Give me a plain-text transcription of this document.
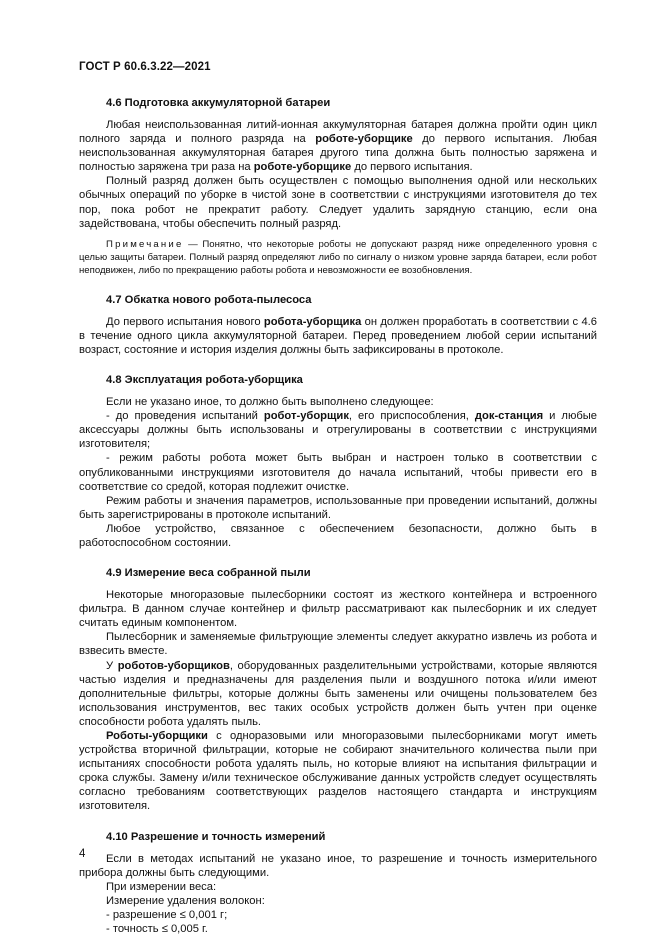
ГОСТ Р 60.6.3.22—2021
4.6 Подготовка аккумуляторной батареи

Любая неиспользованная литий-ионная аккумуляторная батарея должна пройти один цикл полного заряда и полного разряда на роботе-уборщике до первого испытания. Любая неиспользованная аккумуляторная батарея другого типа должна быть полностью заряжена и полностью заряжена три раза на роботе-уборщике до первого испытания.

Полный разряд должен быть осуществлен с помощью выполнения одной или нескольких обычных операций по уборке в чистой зоне в соответствии с инструкциями изготовителя до тех пор, пока робот не прекратит работу. Следует удалить зарядную станцию, если она задействована, чтобы обеспечить полный разряд.

Примечание — Понятно, что некоторые роботы не допускают разряд ниже определенного уровня с целью защиты батареи. Полный разряд определяют либо по сигналу о низком уровне заряда батареи, если робот неподвижен, либо по прекращению работы робота и невозможности ее возобновления.

4.7 Обкатка нового робота-пылесоса

До первого испытания нового робота-уборщика он должен проработать в соответствии с 4.6 в течение одного цикла аккумуляторной батареи. Перед проведением любой серии испытаний возраст, состояние и история изделия должны быть зафиксированы в протоколе.

4.8 Эксплуатация робота-уборщика

Если не указано иное, то должно быть выполнено следующее:

- до проведения испытаний робот-уборщик, его приспособления, док-станция и любые аксессуары должны быть использованы и отрегулированы в соответствии с инструкциями изготовителя;

- режим работы робота может быть выбран и настроен только в соответствии с опубликованными инструкциями изготовителя до начала испытаний, чтобы привести его в соответствие со средой, которая подлежит очистке.

Режим работы и значения параметров, использованные при проведении испытаний, должны быть зарегистрированы в протоколе испытаний.

Любое устройство, связанное с обеспечением безопасности, должно быть в работоспособном состоянии.

4.9 Измерение веса собранной пыли

Некоторые многоразовые пылесборники состоят из жесткого контейнера и встроенного фильтра. В данном случае контейнер и фильтр рассматривают как пылесборник и их следует считать единым компонентом.

Пылесборник и заменяемые фильтрующие элементы следует аккуратно извлечь из робота и взвесить вместе.

У роботов-уборщиков, оборудованных разделительными устройствами, которые являются частью изделия и предназначены для разделения пыли и воздушного потока и/или имеют дополнительные фильтры, которые должны быть заменены или очищены пользователем без использования инструментов, вес таких особых устройств должен быть учтен при оценке способности робота удалять пыль.

Роботы-уборщики с одноразовыми или многоразовыми пылесборниками могут иметь устройства вторичной фильтрации, которые не собирают значительного количества пыли при испытаниях способности робота удалять пыль, но которые влияют на испытания фильтрации и срока службы. Замену и/или техническое обслуживание данных устройств следует осуществлять согласно требованиям соответствующих разделов настоящего стандарта и инструкциям изготовителя.

4.10 Разрешение и точность измерений

Если в методах испытаний не указано иное, то разрешение и точность измерительного прибора должны быть следующими.

При измерении веса:

Измерение удаления волокон:

- разрешение ≤ 0,001 г;

- точность ≤ 0,005 г.

4
